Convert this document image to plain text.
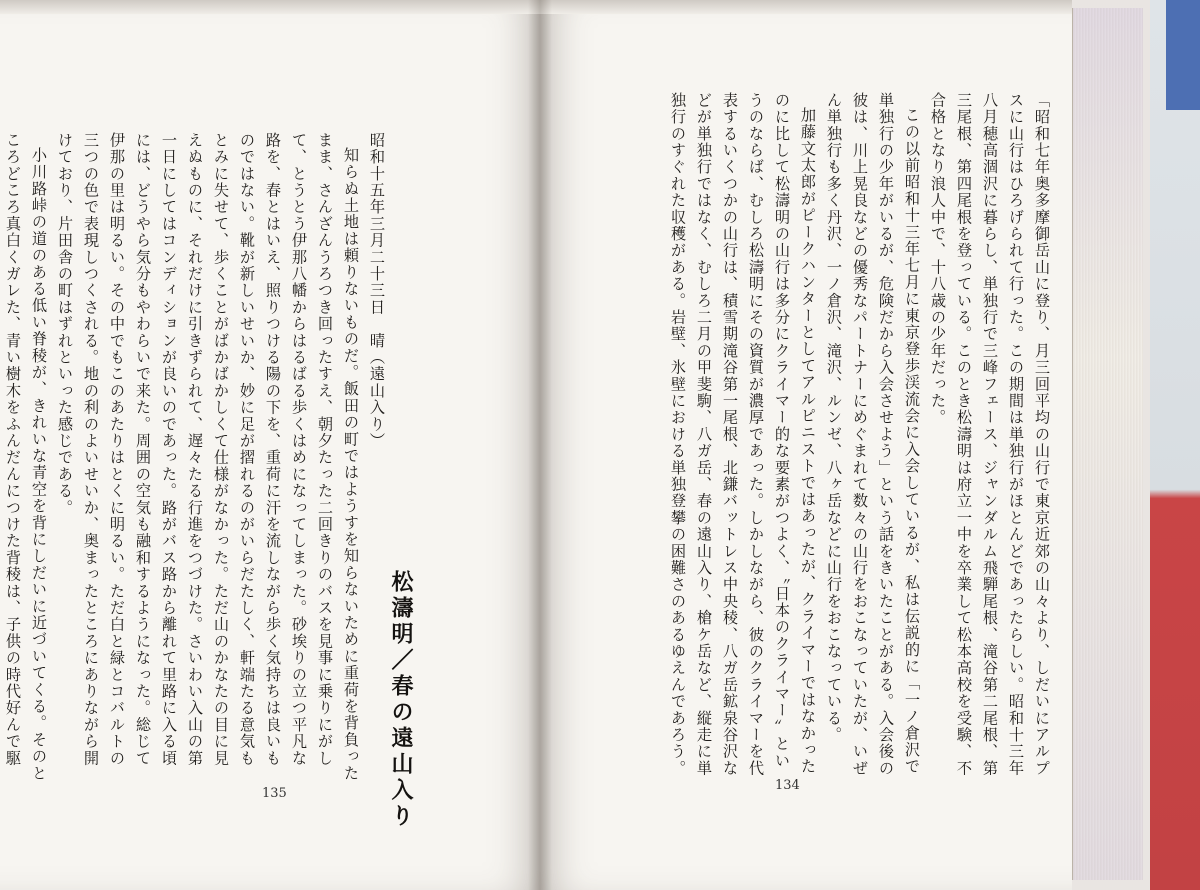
「昭和七年奥多摩御岳山に登り、月三回平均の山行で東京近郊の山々より、しだいにアルプスに山行はひろげられて行った。この期間は単独行がほとんどであったらしい。昭和十三年八月穂高涸沢に暮らし、単独行で三峰フェース、ジャンダルム飛騨尾根、滝谷第二尾根、第三尾根、第四尾根を登っている。このとき松濤明は府立一中を卒業して松本高校を受験、不合格となり浪人中で、十八歳の少年だった。
この以前昭和十三年七月に東京登歩渓流会に入会しているが、私は伝説的に「一ノ倉沢で単独行の少年がいるが、危険だから入会させよう」という話をきいたことがある。入会後の彼は、川上晃良などの優秀なパートナーにめぐまれて数々の山行をおこなっていたが、いぜん単独行も多く丹沢、一ノ倉沢、滝沢、ルンゼ、八ヶ岳などに山行をおこなっている。
加藤文太郎がピークハンターとしてアルピニストではあったが、クライマーではなかったのに比して松濤明の山行は多分にクライマー的な要素がつよく、〝日本のクライマー〟というのならば、むしろ松濤明にその資質が濃厚であった。しかしながら、彼のクライマーを代表するいくつかの山行は、積雪期滝谷第一尾根、北鎌バットレス中央稜、八ガ岳鉱泉谷沢などが単独行ではなく、むしろ二月の甲斐駒、八ガ岳、春の遠山入り、槍ケ岳など、縦走に単独行のすぐれた収穫がある。岩壁、氷壁における単独登攀の困難さのあるゆえんであろう。
松濤明／春の遠山入り
昭和十五年三月二十三日　晴（遠山入り）
知らぬ土地は頼りないものだ。飯田の町ではようすを知らないために重荷を背負ったまま、さんざんうろつき回ったすえ、朝夕たった二回きりのバスを見事に乗りにがして、とうとう伊那八幡からはるばる歩くはめになってしまった。砂埃りの立つ平凡な路を、春とはいえ、照りつける陽の下を、重荷に汗を流しながら歩く気持ちは良いものではない。靴が新しいせいか、妙に足が摺れるのがいらだたしく、軒端たる意気もとみに失せて、歩くことがばかばかしくて仕様がなかった。ただ山のかなたの目に見えぬものに、それだけに引きずられて、遅々たる行進をつづけた。さいわい入山の第一日にしてはコンディションが良いのであった。路がバス路から離れて里路に入る頃には、どうやら気分もやわらいで来た。周囲の空気も融和するようになった。総じて伊那の里は明るい。その中でもこのあたりはとくに明るい。ただ白と緑とコバルトの三つの色で表現しつくされる。地の利のよいせいか、奥まったところにありながら開けており、片田舎の町はずれといった感じである。
小川路峠の道のある低い脊稜が、きれいな青空を背にしだいに近づいてくる。そのところどころ真白くガレた、青い樹木をふんだんにつけた背稜は、子供の時代好んで駆
135
134
